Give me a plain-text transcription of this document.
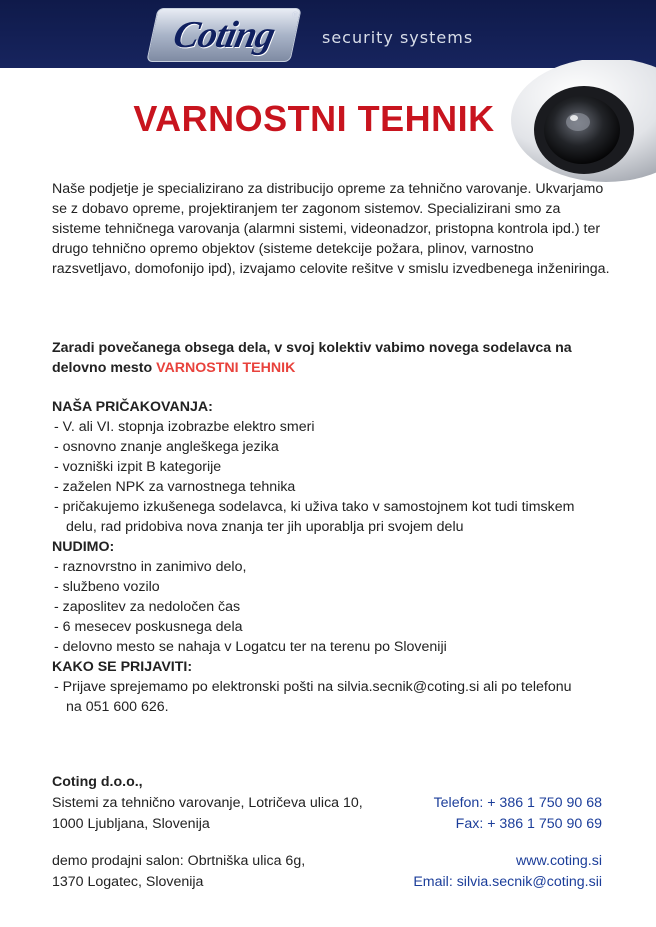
Coting ®
security systems
VARNOSTNI TEHNIK
Naše podjetje je specializirano za distribucijo opreme za tehnično varovanje. Ukvarjamo se z dobavo opreme, projektiranjem ter zagonom sistemov. Specializirani smo za sisteme tehničnega varovanja (alarmni sistemi, videonadzor, pristopna kontrola ipd.) ter drugo tehnično opremo objektov (sisteme detekcije požara, plinov, varnostno razsvetljavo, domofonijo ipd), izvajamo celovite rešitve v smislu izvedbenega inženiringa.
Zaradi povečanega obsega dela, v svoj kolektiv vabimo novega sodelavca na delovno mesto VARNOSTNI TEHNIK
NAŠA PRIČAKOVANJA:
- V. ali VI. stopnja izobrazbe elektro smeri
- osnovno znanje angleškega jezika
- vozniški izpit B kategorije
- zaželen NPK za varnostnega tehnika
- pričakujemo izkušenega sodelavca, ki uživa tako v samostojnem kot tudi timskem
delu, rad pridobiva nova znanja ter jih uporablja pri svojem delu
NUDIMO:
- raznovrstno in zanimivo delo,
- službeno vozilo
- zaposlitev za nedoločen čas
- 6 mesecev poskusnega dela
- delovno mesto se nahaja v Logatcu ter na terenu po Sloveniji
KAKO SE PRIJAVITI:
- Prijave sprejemamo po elektronski pošti na silvia.secnik@coting.si ali po telefonu
na 051 600 626.
Coting d.o.o.,
Sistemi za tehnično varovanje, Lotričeva ulica 10,	Telefon: + 386 1 750 90 68
1000 Ljubljana, Slovenija	Fax: + 386 1 750 90 69
demo prodajni salon: Obrtniška ulica 6g,	www.coting.si
1370 Logatec, Slovenija	Email: silvia.secnik@coting.sii
